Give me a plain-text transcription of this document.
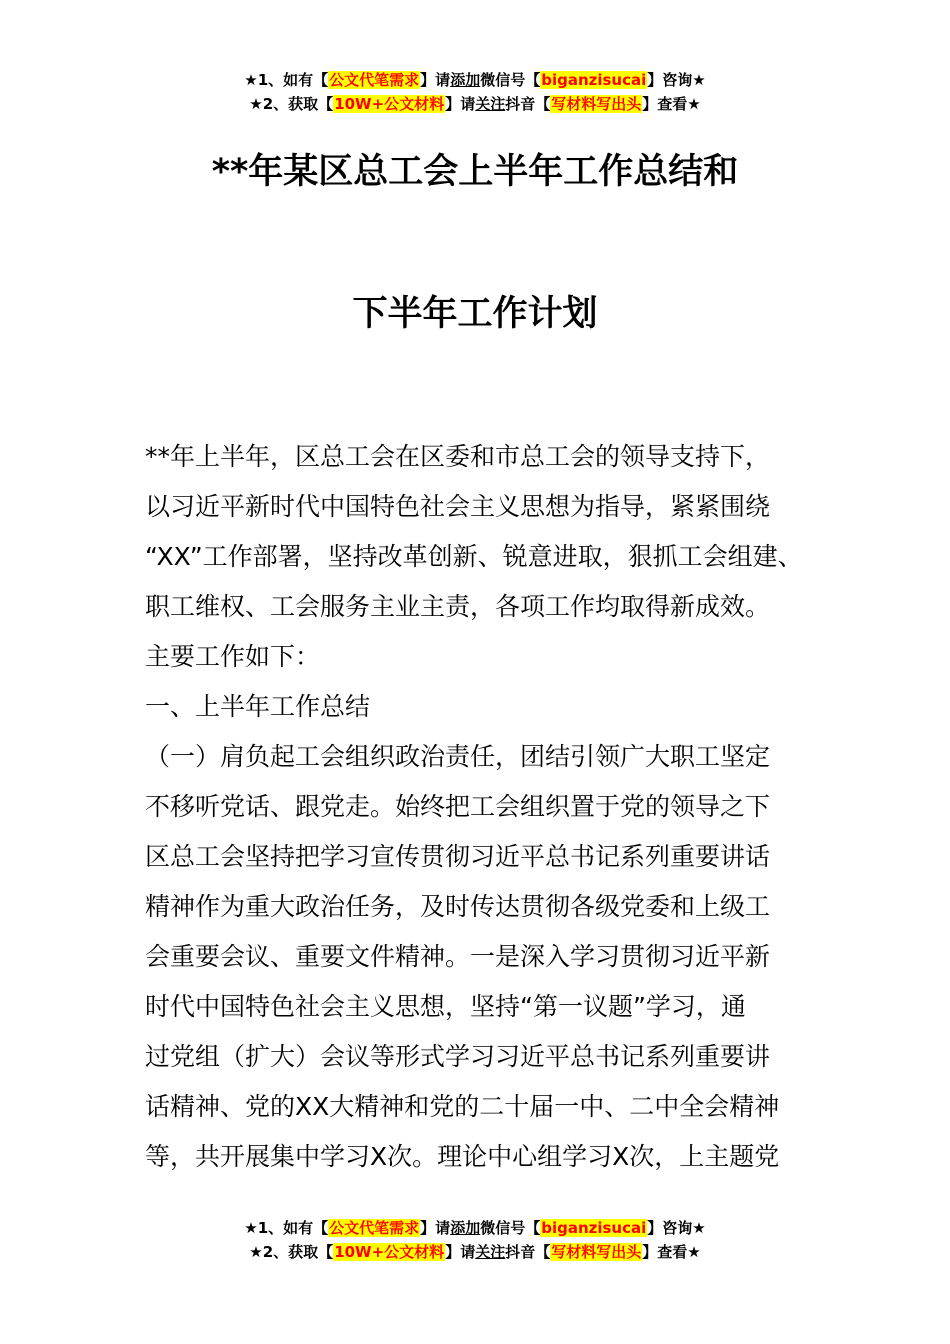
★1、如有【公文代笔需求】请添加微信号【biganzisucai】咨询★
★2、获取【10W+公文材料】请关注抖音【写材料写出头】查看★
**年某区总工会上半年工作总结和
下半年工作计划
**年上半年，区总工会在区委和市总工会的领导支持下，
以习近平新时代中国特色社会主义思想为指导，紧紧围绕
“XX”工作部署，坚持改革创新、锐意进取，狠抓工会组建、
职工维权、工会服务主业主责，各项工作均取得新成效。
主要工作如下：
一、上半年工作总结
（一）肩负起工会组织政治责任，团结引领广大职工坚定
不移听党话、跟党走。始终把工会组织置于党的领导之下
区总工会坚持把学习宣传贯彻习近平总书记系列重要讲话
精神作为重大政治任务，及时传达贯彻各级党委和上级工
会重要会议、重要文件精神。一是深入学习贯彻习近平新
时代中国特色社会主义思想，坚持“第一议题”学习，通
过党组（扩大）会议等形式学习习近平总书记系列重要讲
话精神、党的XX大精神和党的二十届一中、二中全会精神
等，共开展集中学习X次。理论中心组学习X次，上主题党
★1、如有【公文代笔需求】请添加微信号【biganzisucai】咨询★
★2、获取【10W+公文材料】请关注抖音【写材料写出头】查看★
